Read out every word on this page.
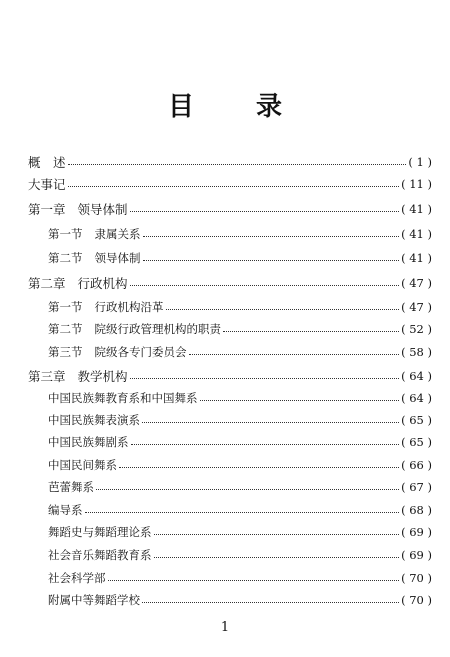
目 录
概　述	( 1 )
大事记	( 11 )
第一章 领导体制	( 41 )
第一节 隶属关系	( 41 )
第二节 领导体制	( 41 )
第二章 行政机构	( 47 )
第一节 行政机构沿革	( 47 )
第二节 院级行政管理机构的职责	( 52 )
第三节 院级各专门委员会	( 58 )
第三章 教学机构	( 64 )
中国民族舞教育系和中国舞系	( 64 )
中国民族舞表演系	( 65 )
中国民族舞剧系	( 65 )
中国民间舞系	( 66 )
芭蕾舞系	( 67 )
编导系	( 68 )
舞蹈史与舞蹈理论系	( 69 )
社会音乐舞蹈教育系	( 69 )
社会科学部	( 70 )
附属中等舞蹈学校	( 70 )
1
